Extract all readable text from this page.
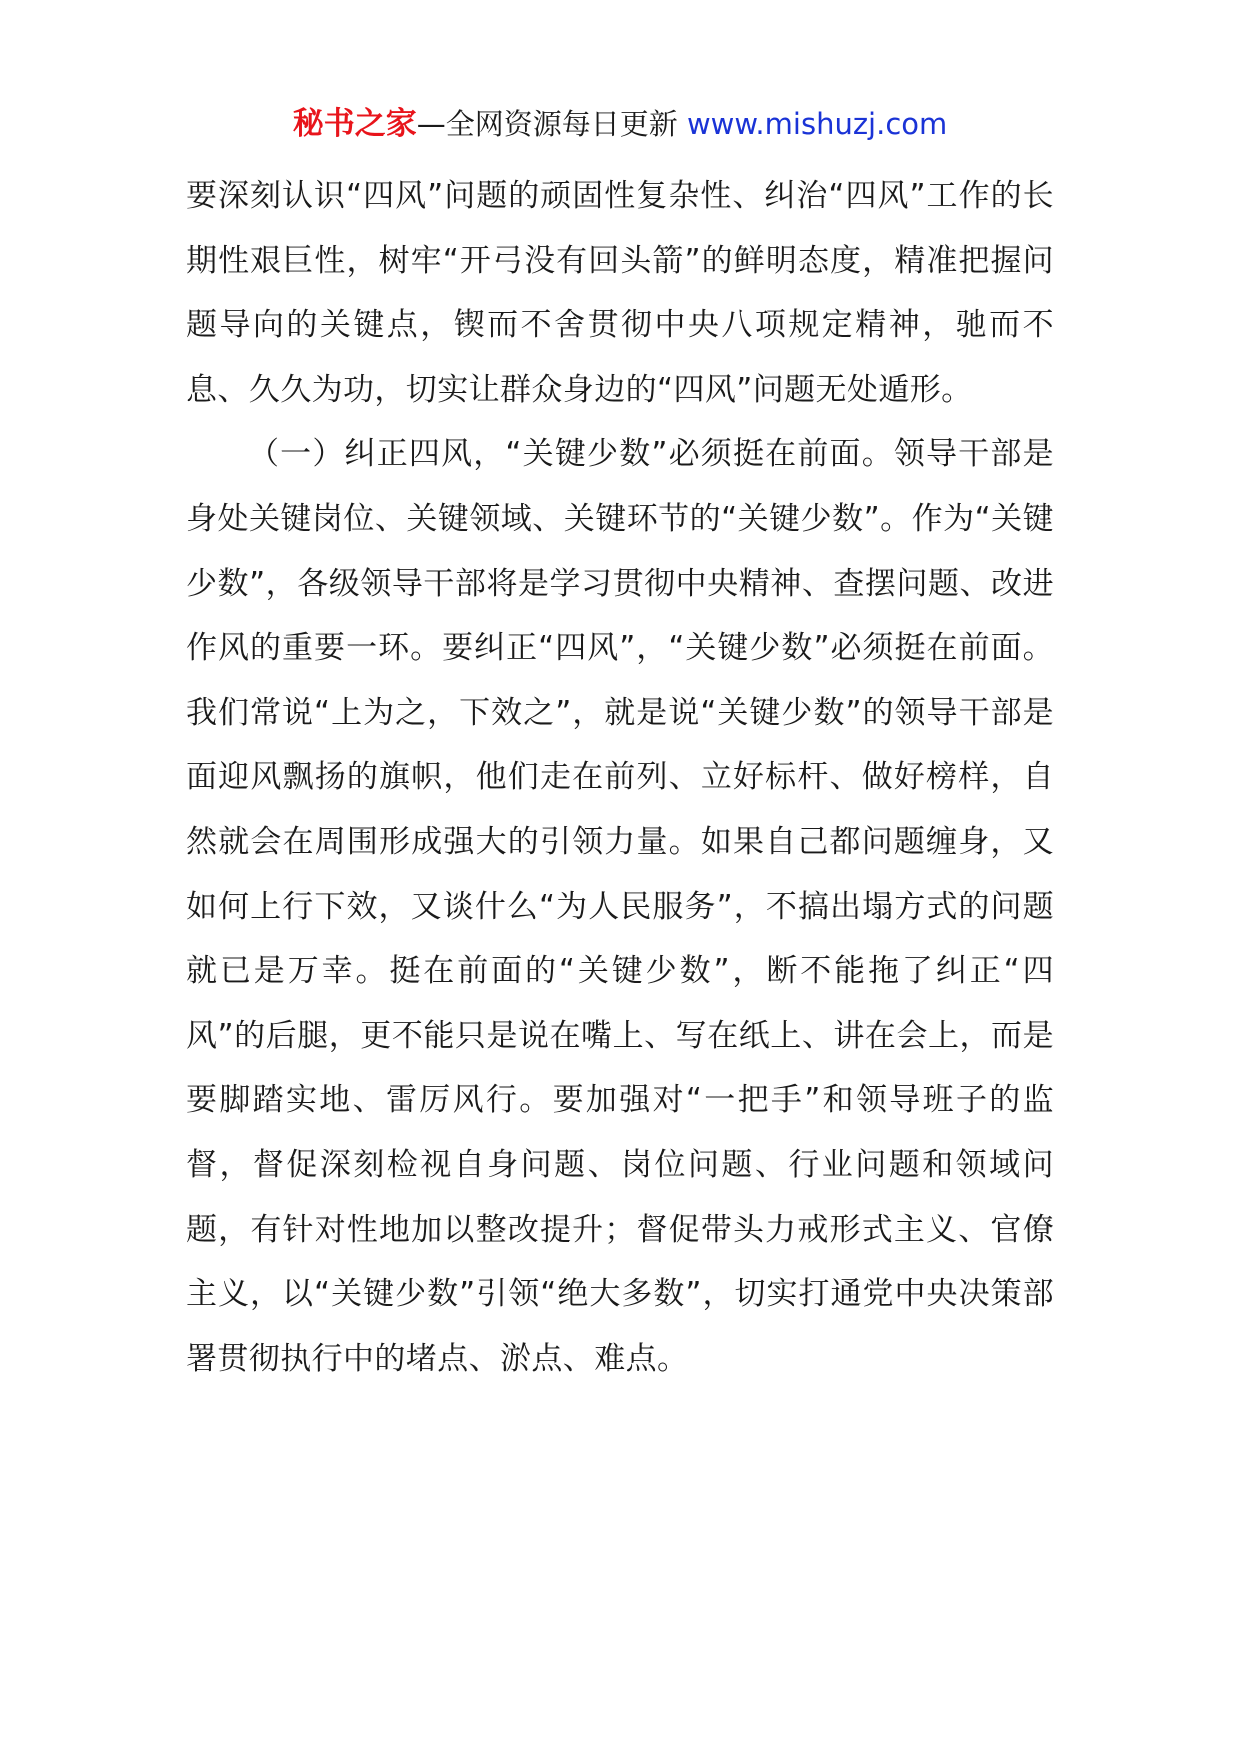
秘书之家—全网资源每日更新 www.mishuzj.com

要深刻认识“四风”问题的顽固性复杂性、纠治“四风”工作的长期性艰巨性，树牢“开弓没有回头箭”的鲜明态度，精准把握问题导向的关键点，锲而不舍贯彻中央八项规定精神，驰而不息、久久为功，切实让群众身边的“四风”问题无处遁形。

（一）纠正四风，“关键少数”必须挺在前面。领导干部是身处关键岗位、关键领域、关键环节的“关键少数”。作为“关键少数”，各级领导干部将是学习贯彻中央精神、查摆问题、改进作风的重要一环。要纠正“四风”，“关键少数”必须挺在前面。我们常说“上为之，下效之”，就是说“关键少数”的领导干部是面迎风飘扬的旗帜，他们走在前列、立好标杆、做好榜样，自然就会在周围形成强大的引领力量。如果自己都问题缠身，又如何上行下效，又谈什么“为人民服务”，不搞出塌方式的问题就已是万幸。挺在前面的“关键少数”，断不能拖了纠正“四风”的后腿，更不能只是说在嘴上、写在纸上、讲在会上，而是要脚踏实地、雷厉风行。要加强对“一把手”和领导班子的监督，督促深刻检视自身问题、岗位问题、行业问题和领域问题，有针对性地加以整改提升；督促带头力戒形式主义、官僚主义，以“关键少数”引领“绝大多数”，切实打通党中央决策部署贯彻执行中的堵点、淤点、难点。
